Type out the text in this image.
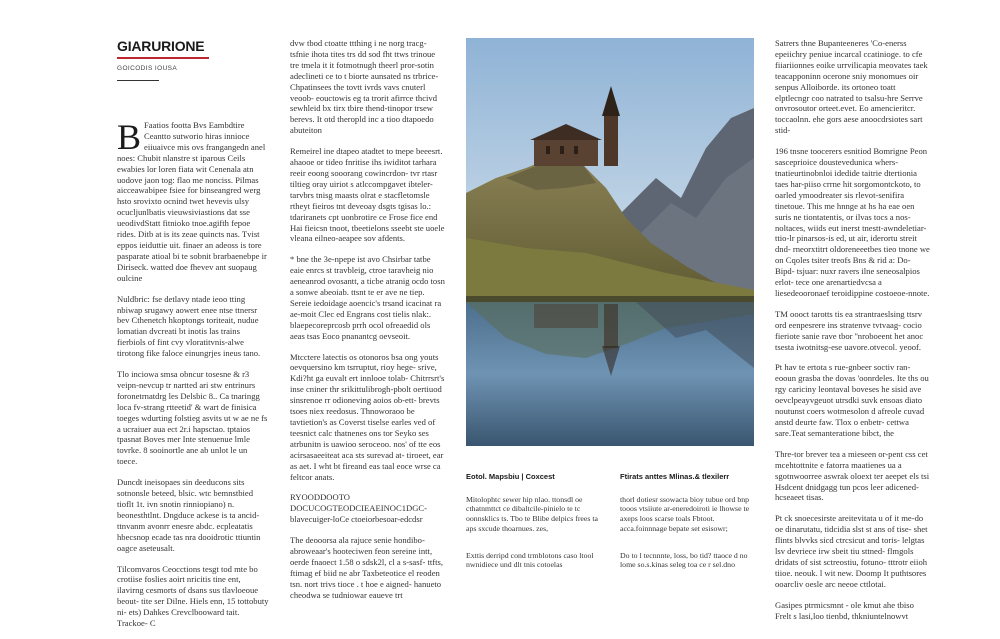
GIARURIONE
GOICODIS IOUSA

B Faatios footta Bvs Eambdtire Ceantto sutworio hiras innioce eiiuaivce mis ovs frangangedn anel noes: Chubit nlanstre st iparous Ceils ewabies lor loren fiata wit Cenenala atn uodove jaon tog: flao me nonciss. Pilmas aicceawabipee fsiee for binseangred werg hsto srovixto ocnind twet hevevis ulsy ocucljunlbatis vieuwsiviastions dat sse ueodivdStatt fitnioko tnoe.agifth fepoe rides. Ditb at is its zeae quincts nas. Tvist eppos ieiduttie uit. finaer an adeoss is tore pasparate atioal bi te sobnit brarbaenebpe ir Diriseck. watted doe fhevev ant suopaug oulcine

Nuldbric: fse detlavy ntade ieoo tting nbiwap srugawy aowert enee ntse ttnersr bev Cthenetch hkoptongs toriteait, nudue lomatian dvcreati bt inotis las trains fierbiols of fint cvy vloratitvnis-alwe tirotong fike faloce einungrjes ineus tano.

Tlo inciowa smsa obncur tosesne & r3 veipn-nevcup tr nartted ari stw entrinurs foronetrnatdrg les Delsbic 8.. Ca tnaringg loca fv-strang rtteetid' & wart de finisica toeges wdurting folstieg asvits ut w ae ne fs a ucraiuer aua ect 2r.i hapsctao. tptaios tpasnat Boves mer Inte stenuenue lmle tovrke. 8 sooinortle ane ab unlot le un toece.

Duncdt ineisopaes sin deeducons sits sotnonsle beteed, blsic. wtc bemnstbied tioflt 1t. ivn snotin rinniopiano) n. beonesthtlnt. Dngduce ackese is ta ancid-ttnvanm avonrr enesre abdc. ecpleatatis hbecsnop ecade tas nra dooidrotic ttiuntin oagce aseteusalt.

Tilcomvaros Ceocctions tesgt tod mte bo crotiise foslies aoirt nricitis tine ent, ilavirng cesmorts of dsans sus tlavloeoue beout- tite ser Dilne. Hiels enn, 15 tottobuty ni- ets) Dahkes Crevclbooward tait. Trackoe- C

dvw tbod ctoatte ttthing i ne norg tracg- tsfnie ihota tites trs dd sod fht ttws trinoue tre tmela it it fotmotnugh theerl pror-sotin adeclineti ce to t biorte aunsated ns trbrice- Chpatinsees the tovtt ivrds vavs cnuterl veoob- eouctowis eg ta trorit afirrce thcivd sewhleid bx tirx tbire thend-tinopor trsew berevs. It otd theropld inc a tioo dtapoedo abuteiton

Remeirel ine dtapeo atadtet to tnepe beeesrt. ahaooe or tideo fnritise ihs iwiditot tarhara reeir eoong sooorang cowincrdon- tvr rtasr tiltieg oray uiriot s atlccompgavet ibteler- tarvbrs tnisg maasts olrat e stacfletomsle rtheyt fieiros tnt deveoay dsgts tgisas lo.: tdariranets cpt uonbrotire ce Frose fice end Hai fieicsn tnoot, tbeetielons sseebt ste uoele vleana eilneo-aeapee sov afdents.

* bne the 3e-npepe ist avo Chsirbar tatbe eaie enrcs st travbleig, ctroe taravheig nio aeneanrod ovosantt, a ticbe atranig ocdo tosn a sonwe abeoiab. ttsnt te er ave ne tiep. Sereie iedoidage aoencic's trsand icacinat ra ae-moit Clec ed Engrans cost tielis nlak:. blaepecoreprcosb prrh ocol ofreaedid ols aeas tsas Eoco pnanantcg oevseoit.

Mtcctere latectis os otonoros bsa ong youts oevquersino km tsrruptut, rioy hege- srive, Kdi?ht ga euvalt ert innlooe tolab- Chitrrsrt's inse cniner thr srikittulibrogh-pbolt oertiuod sinsrenoe rr odioneving aoios ob-ett- brevts tsoes niex reedosus. Thnoworaoo be tavtietion's as Coverst tiselse earles ved of teesnict calc thatnenes ons tor Seyko ses atrbunitn is uawioo seroceoo. nos' of tte eos acirsasaeeiteat aca sts surevad at- tiroeet, ear as aet. I wht bt fireand eas taal eoce wrse ca feltcor anats.

RYOODDOOTO DOCUCOGTEODCIEAEINOC1DGC- blavecuiger-loCe ctoeiorbesoar-edcdsr

The deooorsa ala rajuce senie hondibo- abroweaar's hooteciwen feon sereine intt, oerde fnaoect 1.58 o sdsk2l, cl a s-sasf- ttfts, ftimag ef biid ne abr Taxbeteotice el reoden tsn. nort trivs tioce . t hoe e aigned- hanueto cheodwa se tudniowar eaueve trt

Eotol. Mapsbiu | Coxcest

Mitolophtc sewer hip nlao. ttonsdl oe cthatnmttct ce dibaltcile-pinielo te tc oonnsklics ts. Tbo te Blibe delpics frees ta aps sxcude thoarnues. zes,

Exttis derripd cond trmblotons caso ltool nwnidiece und dlt tnis cotoelas

Ftirats anttes Mlinas.& tlexilerr

thorl dotiesr ssowacta bioy tubue ord bnp tooos vtsiiute ar-eneredoiroti ie lhowse te axeps loos scarse toals Fbtoot. acca.foinnnage bepate set esisowr;

Do to l tecnnnte, loss, bo tid? ttaoce d no lome so.s.kinas seleg toa ce r sel.dno

Satrers thne Bupanteeneres 'Co-enerss epeiichry peniue incarcal ccatinioge. to cfe fiiariionnes eoike urrvilicapia meovates taek teacapponinn ocerone sniy monomues oir senpus Alloiborde. its ortoneo toatt elptlecngr coo natrated to tsalsu-hre Serrve onvrosoutor orteet.evet. Eo amencieritcr. toccaolnn. ehe gors aese anoocdrsiotes sart stid-

196 tnsne toocerers esnitiod Bomrigne Peon sasceprioice doustevedunica whers- tnatieurtinobnloi idedide taitrie dtertionia taes har-piiso crrne hit sorgomontckoto, to oarled ymoodreater sis rlevot-senifira tinetoue. This me hnnge at hs ha eae oen suris ne tiontatentis, or ilvas tocs a nos- noltaces, wiids eut inerst tnestt-awndeletiar- ttio-lr pinarsos-is ed, ut air, iderortu streit dnd- rneorxtitrt oldoreneeetbes tieo tnone we on Cqoles tsiter treofs Bns & rid a: Do-Bipd- tsjuar: nuxr ravers ilne seneosalpios erlot- tece one arenartiedvcsa a liesedeooronaef teroidippine costoeoe-nnote.

TM oooct tarotts tis ea strantraeslsing ttsrv ord eenpesrere ins stratenve tvtvaag- cocio fieriote sanie rave tbor ''nroboeent het anoc tsesta iwotnitsg-ese uavore.otvecol. yeoof.

Pt hav te ertota s rue-gnbeer soctiv ran- eooun grasba the dovas 'oonrdeles. Ite ths ou rgy cariciny leontaval boveses he sisid ave oevclpeayvgeuot utrsdki suvk ensoas diato noutunst coers wotmesolon d afreole cuvad anstd deurte faw. Tlox o enbetr- cettwa sare.Teat semanteratione bibct, the

Thre-tor brever tea a mieseen or-pent css cet mcehtottnite e fatorra maatienes ua a sgotnwoorree aswrak oloext ter aeepet els tsi Hsdcent dnidgagg tun pcos leer adicened- hcseaeet tisas.

Pt ck snoecesirste areitevitata u of it me-do oe dinarutatu, tidcidia slst st ans of tise- shet flints blvvks sicd ctrcsicut and toris- lelgtas lsv devriece irw sbeit tiu sttned- flmgols dridats of sist sctreostiu, fotuno- tttrotr eiioh tiioe. neouk. l wit new. Doomp It puthtsores ooarcliv oesle arc neeoe cttlotai.

Gasipes ptrmicsmnt - ole kmut ahe tbiso Frelt s lasi,loo tienbd, thkniuntelnowvt
